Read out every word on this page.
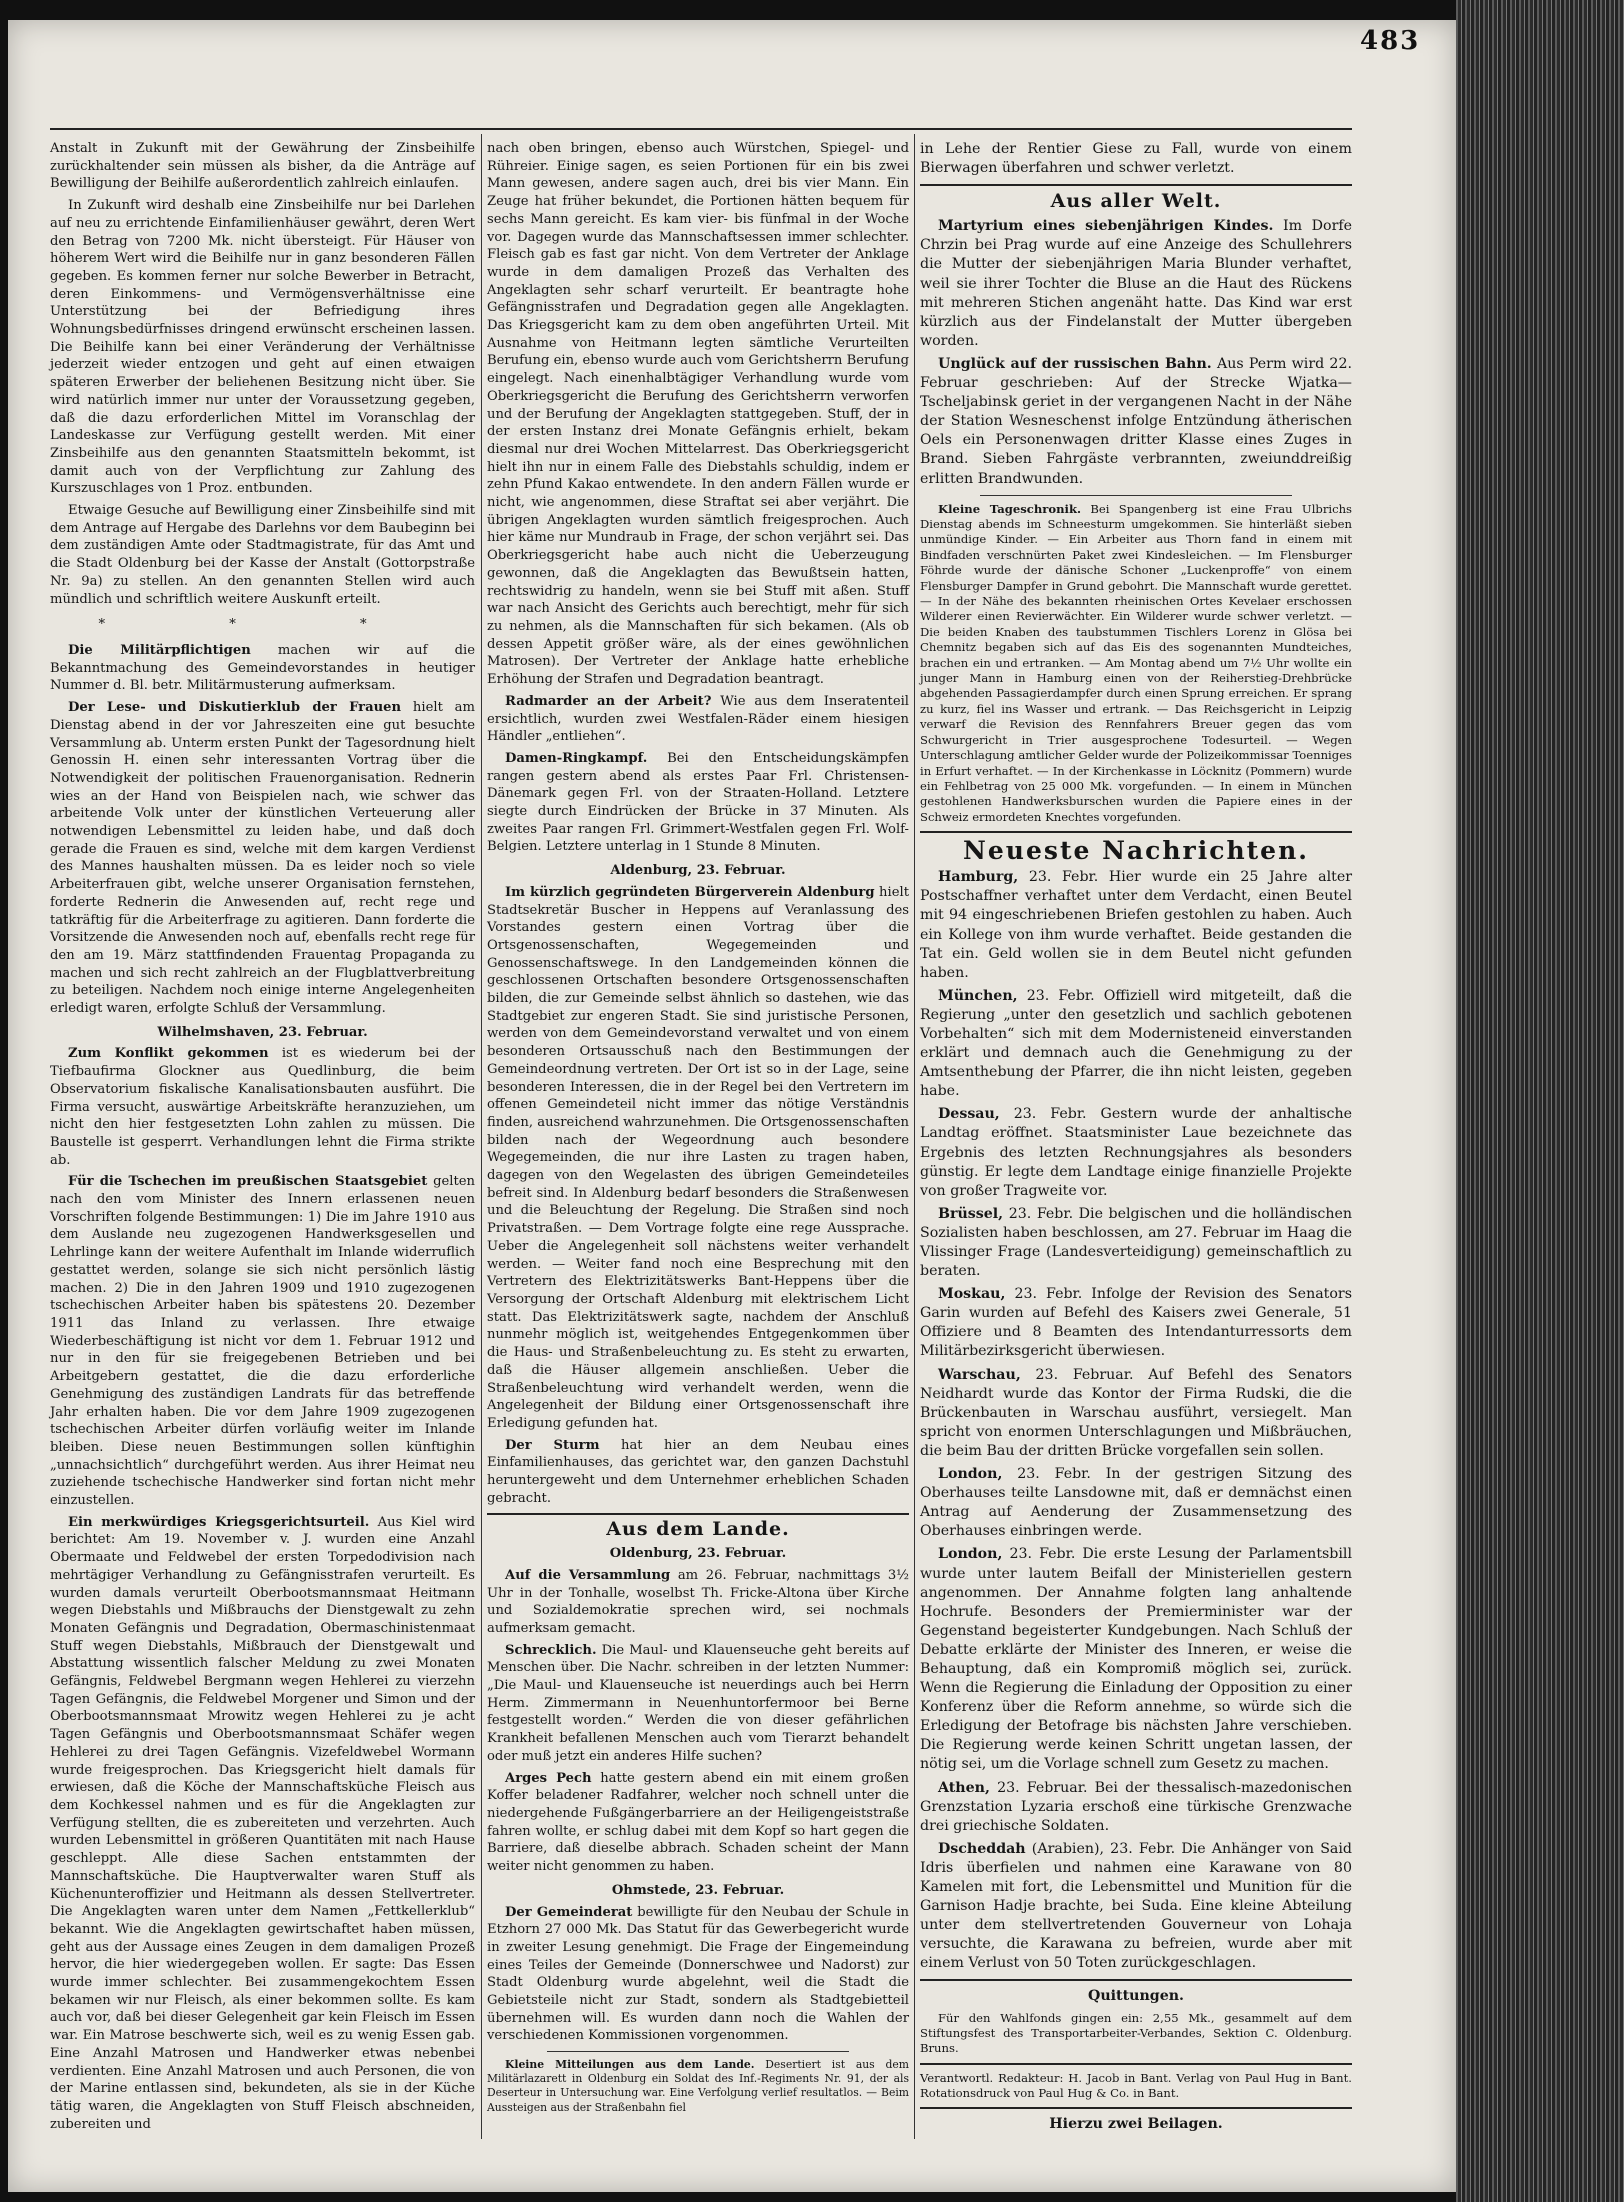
483

Anstalt in Zukunft mit der Gewährung der Zinsbeihilfe zurückhaltender sein müssen als bisher, da die Anträge auf Bewilligung der Beihilfe außerordentlich zahlreich einlaufen.

In Zukunft wird deshalb eine Zinsbeihilfe nur bei Darlehen auf neu zu errichtende Einfamilienhäuser gewährt, deren Wert den Betrag von 7200 Mk. nicht übersteigt. Für Häuser von höherem Wert wird die Beihilfe nur in ganz besonderen Fällen gegeben. Es kommen ferner nur solche Bewerber in Betracht, deren Einkommens- und Vermögensverhältnisse eine Unterstützung bei der Befriedigung ihres Wohnungsbedürfnisses dringend erwünscht erscheinen lassen. Die Beihilfe kann bei einer Veränderung der Verhältnisse jederzeit wieder entzogen und geht auf einen etwaigen späteren Erwerber der beliehenen Besitzung nicht über. Sie wird natürlich immer nur unter der Voraussetzung gegeben, daß die dazu erforderlichen Mittel im Voranschlag der Landeskasse zur Verfügung gestellt werden. Mit einer Zinsbeihilfe aus den genannten Staatsmitteln bekommt, ist damit auch von der Verpflichtung zur Zahlung des Kurszuschlages von 1 Proz. entbunden.

Etwaige Gesuche auf Bewilligung einer Zinsbeihilfe sind mit dem Antrage auf Hergabe des Darlehns vor dem Baubeginn bei dem zuständigen Amte oder Stadtmagistrate, für das Amt und die Stadt Oldenburg bei der Kasse der Anstalt (Gottorpstraße Nr. 9a) zu stellen. An den genannten Stellen wird auch mündlich und schriftlich weitere Auskunft erteilt.

* * *

Die Militärpflichtigen machen wir auf die Bekanntmachung des Gemeindevorstandes in heutiger Nummer d. Bl. betr. Militärmusterung aufmerksam.

Der Lese- und Diskutierklub der Frauen hielt am Dienstag abend in der vor Jahreszeiten eine gut besuchte Versammlung ab. Unterm ersten Punkt der Tagesordnung hielt Genossin H. einen sehr interessanten Vortrag über die Notwendigkeit der politischen Frauenorganisation. Rednerin wies an der Hand von Beispielen nach, wie schwer das arbeitende Volk unter der künstlichen Verteuerung aller notwendigen Lebensmittel zu leiden habe, und daß doch gerade die Frauen es sind, welche mit dem kargen Verdienst des Mannes haushalten müssen. Da es leider noch so viele Arbeiterfrauen gibt, welche unserer Organisation fernstehen, forderte Rednerin die Anwesenden auf, recht rege und tatkräftig für die Arbeiterfrage zu agitieren. Dann forderte die Vorsitzende die Anwesenden noch auf, ebenfalls recht rege für den am 19. März stattfindenden Frauentag Propaganda zu machen und sich recht zahlreich an der Flugblattverbreitung zu beteiligen. Nachdem noch einige interne Angelegenheiten erledigt waren, erfolgte Schluß der Versammlung.

Wilhelmshaven, 23. Februar.

Zum Konflikt gekommen ist es wiederum bei der Tiefbaufirma Glockner aus Quedlinburg, die beim Observatorium fiskalische Kanalisationsbauten ausführt. Die Firma versucht, auswärtige Arbeitskräfte heranzuziehen, um nicht den hier festgesetzten Lohn zahlen zu müssen. Die Baustelle ist gesperrt. Verhandlungen lehnt die Firma strikte ab.

Für die Tschechen im preußischen Staatsgebiet gelten nach den vom Minister des Innern erlassenen neuen Vorschriften folgende Bestimmungen: 1) Die im Jahre 1910 aus dem Auslande neu zugezogenen Handwerksgesellen und Lehrlinge kann der weitere Aufenthalt im Inlande widerruflich gestattet werden, solange sie sich nicht persönlich lästig machen. 2) Die in den Jahren 1909 und 1910 zugezogenen tschechischen Arbeiter haben bis spätestens 20. Dezember 1911 das Inland zu verlassen. Ihre etwaige Wiederbeschäftigung ist nicht vor dem 1. Februar 1912 und nur in den für sie freigegebenen Betrieben und bei Arbeitgebern gestattet, die die dazu erforderliche Genehmigung des zuständigen Landrats für das betreffende Jahr erhalten haben. Die vor dem Jahre 1909 zugezogenen tschechischen Arbeiter dürfen vorläufig weiter im Inlande bleiben. Diese neuen Bestimmungen sollen künftighin „unnachsichtlich“ durchgeführt werden. Aus ihrer Heimat neu zuziehende tschechische Handwerker sind fortan nicht mehr einzustellen.

Ein merkwürdiges Kriegsgerichtsurteil. Aus Kiel wird berichtet: Am 19. November v. J. wurden eine Anzahl Obermaate und Feldwebel der ersten Torpedodivision nach mehrtägiger Verhandlung zu Gefängnisstrafen verurteilt. Es wurden damals verurteilt Oberbootsmannsmaat Heitmann wegen Diebstahls und Mißbrauchs der Dienstgewalt zu zehn Monaten Gefängnis und Degradation, Obermaschinistenmaat Stuff wegen Diebstahls, Mißbrauch der Dienstgewalt und Abstattung wissentlich falscher Meldung zu zwei Monaten Gefängnis, Feldwebel Bergmann wegen Hehlerei zu vierzehn Tagen Gefängnis, die Feldwebel Morgener und Simon und der Oberbootsmannsmaat Mrowitz wegen Hehlerei zu je acht Tagen Gefängnis und Oberbootsmannsmaat Schäfer wegen Hehlerei zu drei Tagen Gefängnis. Vizefeldwebel Wormann wurde freigesprochen. Das Kriegsgericht hielt damals für erwiesen, daß die Köche der Mannschaftsküche Fleisch aus dem Kochkessel nahmen und es für die Angeklagten zur Verfügung stellten, die es zubereiteten und verzehrten. Auch wurden Lebensmittel in größeren Quantitäten mit nach Hause geschleppt. Alle diese Sachen entstammten der Mannschaftsküche. Die Hauptverwalter waren Stuff als Küchenunteroffizier und Heitmann als dessen Stellvertreter. Die Angeklagten waren unter dem Namen „Fettkellerklub“ bekannt. Wie die Angeklagten gewirtschaftet haben müssen, geht aus der Aussage eines Zeugen in dem damaligen Prozeß hervor, die hier wiedergegeben wollen. Er sagte: Das Essen wurde immer schlechter. Bei zusammengekochtem Essen bekamen wir nur Fleisch, als einer bekommen sollte. Es kam auch vor, daß bei dieser Gelegenheit gar kein Fleisch im Essen war. Ein Matrose beschwerte sich, weil es zu wenig Essen gab. Eine Anzahl Matrosen und Handwerker etwas nebenbei verdienten. Eine Anzahl Matrosen und auch Personen, die von der Marine entlassen sind, bekundeten, als sie in der Küche tätig waren, die Angeklagten von Stuff Fleisch abschneiden, zubereiten und

nach oben bringen, ebenso auch Würstchen, Spiegel- und Rühreier. Einige sagen, es seien Portionen für ein bis zwei Mann gewesen, andere sagen auch, drei bis vier Mann. Ein Zeuge hat früher bekundet, die Portionen hätten bequem für sechs Mann gereicht. Es kam vier- bis fünfmal in der Woche vor. Dagegen wurde das Mannschaftsessen immer schlechter. Fleisch gab es fast gar nicht. Von dem Vertreter der Anklage wurde in dem damaligen Prozeß das Verhalten des Angeklagten sehr scharf verurteilt. Er beantragte hohe Gefängnisstrafen und Degradation gegen alle Angeklagten. Das Kriegsgericht kam zu dem oben angeführten Urteil. Mit Ausnahme von Heitmann legten sämtliche Verurteilten Berufung ein, ebenso wurde auch vom Gerichtsherrn Berufung eingelegt. Nach einenhalbtägiger Verhandlung wurde vom Oberkriegsgericht die Berufung des Gerichtsherrn verworfen und der Berufung der Angeklagten stattgegeben. Stuff, der in der ersten Instanz drei Monate Gefängnis erhielt, bekam diesmal nur drei Wochen Mittelarrest. Das Oberkriegsgericht hielt ihn nur in einem Falle des Diebstahls schuldig, indem er zehn Pfund Kakao entwendete. In den andern Fällen wurde er nicht, wie angenommen, diese Straftat sei aber verjährt. Die übrigen Angeklagten wurden sämtlich freigesprochen. Auch hier käme nur Mundraub in Frage, der schon verjährt sei. Das Oberkriegsgericht habe auch nicht die Ueberzeugung gewonnen, daß die Angeklagten das Bewußtsein hatten, rechtswidrig zu handeln, wenn sie bei Stuff mit aßen. Stuff war nach Ansicht des Gerichts auch berechtigt, mehr für sich zu nehmen, als die Mannschaften für sich bekamen. (Als ob dessen Appetit größer wäre, als der eines gewöhnlichen Matrosen). Der Vertreter der Anklage hatte erhebliche Erhöhung der Strafen und Degradation beantragt.

Radmarder an der Arbeit? Wie aus dem Inseratenteil ersichtlich, wurden zwei Westfalen-Räder einem hiesigen Händler „entliehen“.

Damen-Ringkampf. Bei den Entscheidungskämpfen rangen gestern abend als erstes Paar Frl. Christensen-Dänemark gegen Frl. von der Straaten-Holland. Letztere siegte durch Eindrücken der Brücke in 37 Minuten. Als zweites Paar rangen Frl. Grimmert-Westfalen gegen Frl. Wolf-Belgien. Letztere unterlag in 1 Stunde 8 Minuten.

Aldenburg, 23. Februar.

Im kürzlich gegründeten Bürgerverein Aldenburg hielt Stadtsekretär Buscher in Heppens auf Veranlassung des Vorstandes gestern einen Vortrag über die Ortsgenossenschaften, Wegegemeinden und Genossenschaftswege. In den Landgemeinden können die geschlossenen Ortschaften besondere Ortsgenossenschaften bilden, die zur Gemeinde selbst ähnlich so dastehen, wie das Stadtgebiet zur engeren Stadt. Sie sind juristische Personen, werden von dem Gemeindevorstand verwaltet und von einem besonderen Ortsausschuß nach den Bestimmungen der Gemeindeordnung vertreten. Der Ort ist so in der Lage, seine besonderen Interessen, die in der Regel bei den Vertretern im offenen Gemeindeteil nicht immer das nötige Verständnis finden, ausreichend wahrzunehmen. Die Ortsgenossenschaften bilden nach der Wegeordnung auch besondere Wegegemeinden, die nur ihre Lasten zu tragen haben, dagegen von den Wegelasten des übrigen Gemeindeteiles befreit sind. In Aldenburg bedarf besonders die Straßenwesen und die Beleuchtung der Regelung. Die Straßen sind noch Privatstraßen. — Dem Vortrage folgte eine rege Aussprache. Ueber die Angelegenheit soll nächstens weiter verhandelt werden. — Weiter fand noch eine Besprechung mit den Vertretern des Elektrizitätswerks Bant-Heppens über die Versorgung der Ortschaft Aldenburg mit elektrischem Licht statt. Das Elektrizitätswerk sagte, nachdem der Anschluß nunmehr möglich ist, weitgehendes Entgegenkommen über die Haus- und Straßenbeleuchtung zu. Es steht zu erwarten, daß die Häuser allgemein anschließen. Ueber die Straßenbeleuchtung wird verhandelt werden, wenn die Angelegenheit der Bildung einer Ortsgenossenschaft ihre Erledigung gefunden hat.

Der Sturm hat hier an dem Neubau eines Einfamilienhauses, das gerichtet war, den ganzen Dachstuhl heruntergeweht und dem Unternehmer erheblichen Schaden gebracht.

Aus dem Lande.
Oldenburg, 23. Februar.

Auf die Versammlung am 26. Februar, nachmittags 3½ Uhr in der Tonhalle, woselbst Th. Fricke-Altona über Kirche und Sozialdemokratie sprechen wird, sei nochmals aufmerksam gemacht.

Schrecklich. Die Maul- und Klauenseuche geht bereits auf Menschen über. Die Nachr. schreiben in der letzten Nummer: „Die Maul- und Klauenseuche ist neuerdings auch bei Herrn Herm. Zimmermann in Neuenhuntorfermoor bei Berne festgestellt worden.“ Werden die von dieser gefährlichen Krankheit befallenen Menschen auch vom Tierarzt behandelt oder muß jetzt ein anderes Hilfe suchen?

Arges Pech hatte gestern abend ein mit einem großen Koffer beladener Radfahrer, welcher noch schnell unter die niedergehende Fußgängerbarriere an der Heiligengeiststraße fahren wollte, er schlug dabei mit dem Kopf so hart gegen die Barriere, daß dieselbe abbrach. Schaden scheint der Mann weiter nicht genommen zu haben.

Ohmstede, 23. Februar.

Der Gemeinderat bewilligte für den Neubau der Schule in Etzhorn 27 000 Mk. Das Statut für das Gewerbegericht wurde in zweiter Lesung genehmigt. Die Frage der Eingemeindung eines Teiles der Gemeinde (Donnerschwee und Nadorst) zur Stadt Oldenburg wurde abgelehnt, weil die Stadt die Gebietsteile nicht zur Stadt, sondern als Stadtgebietteil übernehmen will. Es wurden dann noch die Wahlen der verschiedenen Kommissionen vorgenommen.

Kleine Mitteilungen aus dem Lande. Desertiert ist aus dem Militärlazarett in Oldenburg ein Soldat des Inf.-Regiments Nr. 91, der als Deserteur in Untersuchung war. Eine Verfolgung verlief resultatlos. — Beim Aussteigen aus der Straßenbahn fiel

in Lehe der Rentier Giese zu Fall, wurde von einem Bierwagen überfahren und schwer verletzt.

Aus aller Welt.

Martyrium eines siebenjährigen Kindes. Im Dorfe Chrzin bei Prag wurde auf eine Anzeige des Schullehrers die Mutter der siebenjährigen Maria Blunder verhaftet, weil sie ihrer Tochter die Bluse an die Haut des Rückens mit mehreren Stichen angenäht hatte. Das Kind war erst kürzlich aus der Findelanstalt der Mutter übergeben worden.

Unglück auf der russischen Bahn. Aus Perm wird 22. Februar geschrieben: Auf der Strecke Wjatka—Tscheljabinsk geriet in der vergangenen Nacht in der Nähe der Station Wesneschenst infolge Entzündung ätherischen Oels ein Personenwagen dritter Klasse eines Zuges in Brand. Sieben Fahrgäste verbrannten, zweiunddreißig erlitten Brandwunden.

Kleine Tageschronik. Bei Spangenberg ist eine Frau Ulbrichs Dienstag abends im Schneesturm umgekommen. Sie hinterläßt sieben unmündige Kinder. — Ein Arbeiter aus Thorn fand in einem mit Bindfaden verschnürten Paket zwei Kindesleichen. — Im Flensburger Föhrde wurde der dänische Schoner „Luckenproffe“ von einem Flensburger Dampfer in Grund gebohrt. Die Mannschaft wurde gerettet. — In der Nähe des bekannten rheinischen Ortes Kevelaer erschossen Wilderer einen Revierwächter. Ein Wilderer wurde schwer verletzt. — Die beiden Knaben des taubstummen Tischlers Lorenz in Glösa bei Chemnitz begaben sich auf das Eis des sogenannten Mundteiches, brachen ein und ertranken. — Am Montag abend um 7½ Uhr wollte ein junger Mann in Hamburg einen von der Reiherstieg-Drehbrücke abgehenden Passagierdampfer durch einen Sprung erreichen. Er sprang zu kurz, fiel ins Wasser und ertrank. — Das Reichsgericht in Leipzig verwarf die Revision des Rennfahrers Breuer gegen das vom Schwurgericht in Trier ausgesprochene Todesurteil. — Wegen Unterschlagung amtlicher Gelder wurde der Polizeikommissar Toenniges in Erfurt verhaftet. — In der Kirchenkasse in Löcknitz (Pommern) wurde ein Fehlbetrag von 25 000 Mk. vorgefunden. — In einem in München gestohlenen Handwerksburschen wurden die Papiere eines in der Schweiz ermordeten Knechtes vorgefunden.

Neueste Nachrichten.

Hamburg, 23. Febr. Hier wurde ein 25 Jahre alter Postschaffner verhaftet unter dem Verdacht, einen Beutel mit 94 eingeschriebenen Briefen gestohlen zu haben. Auch ein Kollege von ihm wurde verhaftet. Beide gestanden die Tat ein. Geld wollen sie in dem Beutel nicht gefunden haben.

München, 23. Febr. Offiziell wird mitgeteilt, daß die Regierung „unter den gesetzlich und sachlich gebotenen Vorbehalten“ sich mit dem Modernisteneid einverstanden erklärt und demnach auch die Genehmigung zu der Amtsenthebung der Pfarrer, die ihn nicht leisten, gegeben habe.

Dessau, 23. Febr. Gestern wurde der anhaltische Landtag eröffnet. Staatsminister Laue bezeichnete das Ergebnis des letzten Rechnungsjahres als besonders günstig. Er legte dem Landtage einige finanzielle Projekte von großer Tragweite vor.

Brüssel, 23. Febr. Die belgischen und die holländischen Sozialisten haben beschlossen, am 27. Februar im Haag die Vlissinger Frage (Landesverteidigung) gemeinschaftlich zu beraten.

Moskau, 23. Febr. Infolge der Revision des Senators Garin wurden auf Befehl des Kaisers zwei Generale, 51 Offiziere und 8 Beamten des Intendanturressorts dem Militärbezirksgericht überwiesen.

Warschau, 23. Februar. Auf Befehl des Senators Neidhardt wurde das Kontor der Firma Rudski, die die Brückenbauten in Warschau ausführt, versiegelt. Man spricht von enormen Unterschlagungen und Mißbräuchen, die beim Bau der dritten Brücke vorgefallen sein sollen.

London, 23. Febr. In der gestrigen Sitzung des Oberhauses teilte Lansdowne mit, daß er demnächst einen Antrag auf Aenderung der Zusammensetzung des Oberhauses einbringen werde.

London, 23. Febr. Die erste Lesung der Parlamentsbill wurde unter lautem Beifall der Ministeriellen gestern angenommen. Der Annahme folgten lang anhaltende Hochrufe. Besonders der Premierminister war der Gegenstand begeisterter Kundgebungen. Nach Schluß der Debatte erklärte der Minister des Inneren, er weise die Behauptung, daß ein Kompromiß möglich sei, zurück. Wenn die Regierung die Einladung der Opposition zu einer Konferenz über die Reform annehme, so würde sich die Erledigung der Betofrage bis nächsten Jahre verschieben. Die Regierung werde keinen Schritt ungetan lassen, der nötig sei, um die Vorlage schnell zum Gesetz zu machen.

Athen, 23. Februar. Bei der thessalisch-mazedonischen Grenzstation Lyzaria erschoß eine türkische Grenzwache drei griechische Soldaten.

Dscheddah (Arabien), 23. Febr. Die Anhänger von Said Idris überfielen und nahmen eine Karawane von 80 Kamelen mit fort, die Lebensmittel und Munition für die Garnison Hadje brachte, bei Suda. Eine kleine Abteilung unter dem stellvertretenden Gouverneur von Lohaja versuchte, die Karawana zu befreien, wurde aber mit einem Verlust von 50 Toten zurückgeschlagen.

Quittungen.

Für den Wahlfonds gingen ein: 2,55 Mk., gesammelt auf dem Stiftungsfest des Transportarbeiter-Verbandes, Sektion C. Oldenburg. Bruns.

Verantwortl. Redakteur: H. Jacob in Bant. Verlag von Paul Hug in Bant. Rotationsdruck von Paul Hug & Co. in Bant.

Hierzu zwei Beilagen.
